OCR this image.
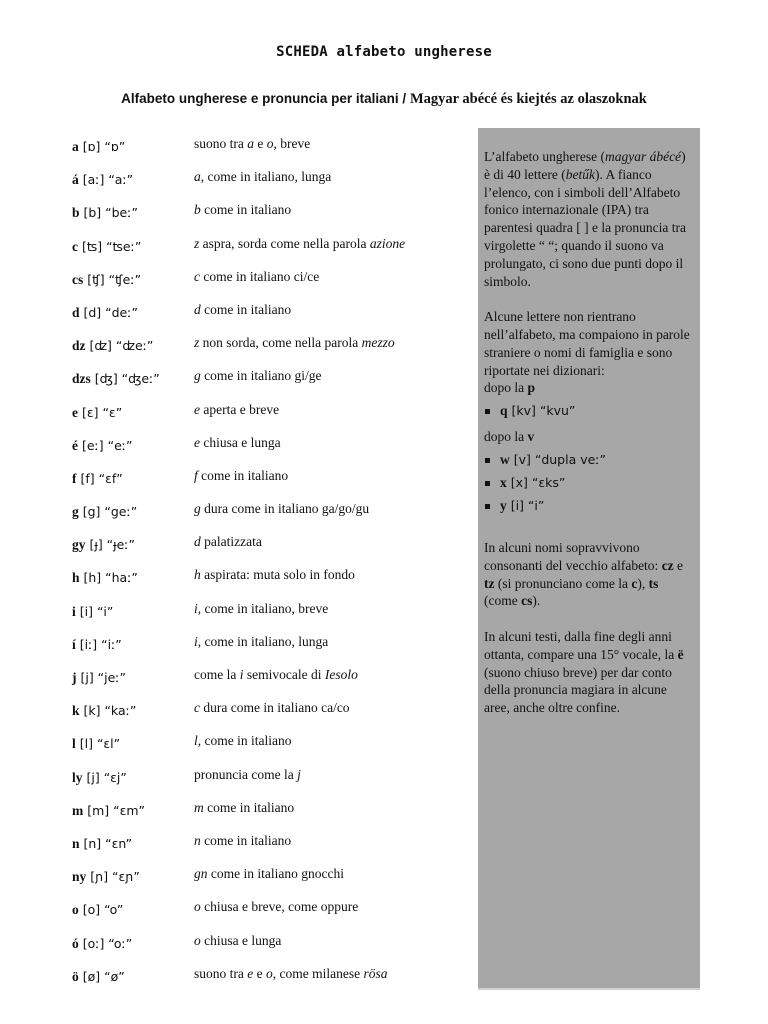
SCHEDA alfabeto ungherese
Alfabeto ungherese e pronuncia per italiani / Magyar abécé és kiejtés az olaszoknak
a [ɒ] “ɒ”	suono tra a e o, breve
á [aː] “aː”	a, come in italiano, lunga
b [b] “beː”	b come in italiano
c [ʦ] “ʦeː”	z aspra, sorda come nella parola azione
cs [ʧ] “ʧeː”	c come in italiano ci/ce
d [d] “deː”	d come in italiano
dz [ʣ] “ʣeː”	z non sorda, come nella parola mezzo
dzs [ʤ] “ʤeː”	g come in italiano gi/ge
e [ɛ] “ɛ”	e aperta e breve
é [eː] “eː”	e chiusa e lunga
f [f] “ɛf”	f come in italiano
g [g] “geː”	g dura come in italiano ga/go/gu
gy [ɟ] “ɟeː”	d palatizzata
h [h] “haː”	h aspirata: muta solo in fondo
i [i] “i”	i, come in italiano, breve
í [iː] “iː”	i, come in italiano, lunga
j [j] “jeː”	come la i semivocale di Iesolo
k [k] “kaː”	c dura come in italiano ca/co
l [l] “ɛl”	l, come in italiano
ly [j] “ɛj”	pronuncia come la j
m [m] “ɛm”	m come in italiano
n [n] “ɛn”	n come in italiano
ny [ɲ] “ɛɲ”	gn come in italiano gnocchi
o [o] “o”	o chiusa e breve, come oppure
ó [oː] “oː”	o chiusa e lunga
ö [ø] “ø”	suono tra e e o, come milanese rösa

L’alfabeto ungherese (magyar ábécé) è di 40 lettere (betűk). A fianco l’elenco, con i simboli dell’Alfabeto fonico internazionale (IPA) tra parentesi quadra [ ] e la pronuncia tra virgolette “ “; quando il suono va prolungato, ci sono due punti dopo il simbolo.

Alcune lettere non rientrano nell’alfabeto, ma compaiono in parole straniere o nomi di famiglia e sono riportate nei dizionari:

dopo la p
q [kv] “kvu”
dopo la v
w [v] “dupla veː”
x [x] “ɛks”
y [i] “i”

In alcuni nomi sopravvivono consonanti del vecchio alfabeto: cz e tz (si pronunciano come la c), ts (come cs).

In alcuni testi, dalla fine degli anni ottanta, compare una 15° vocale, la ë (suono chiuso breve) per dar conto della pronuncia magiara in alcune aree, anche oltre confine.
